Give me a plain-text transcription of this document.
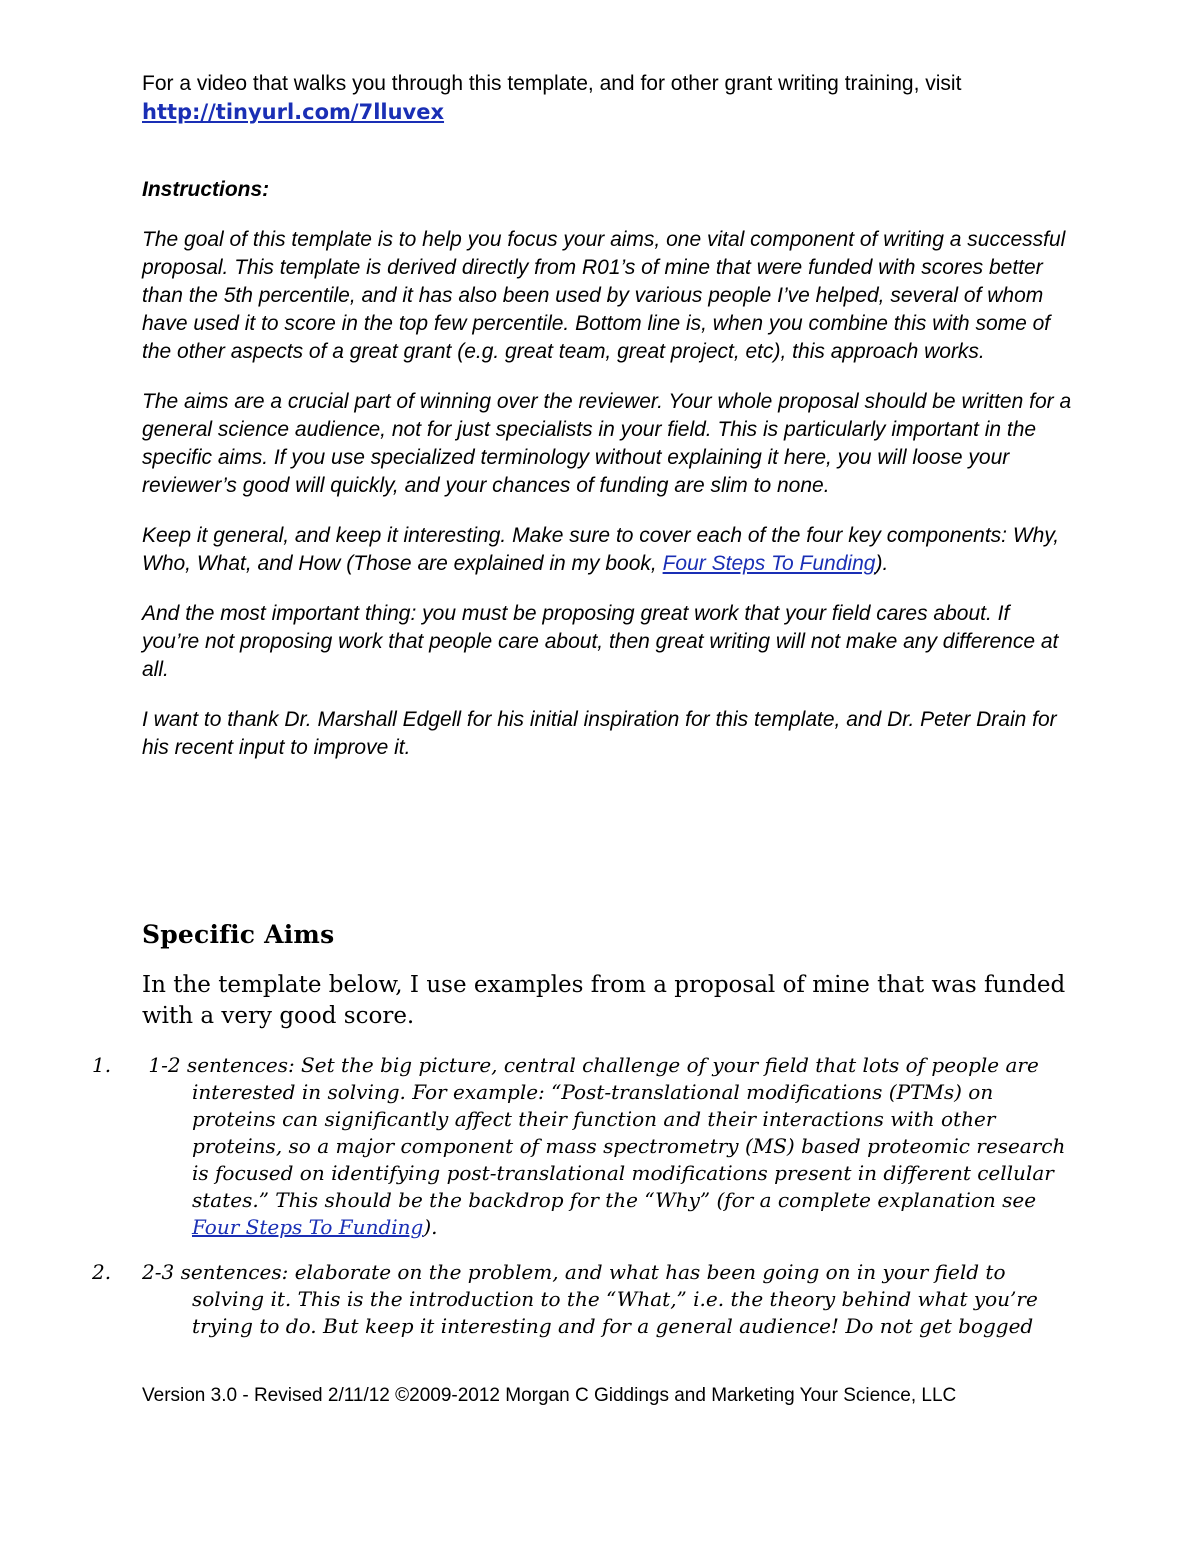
For a video that walks you through this template, and for other grant writing training, visit http://tinyurl.com/7lluvex
Instructions:

The goal of this template is to help you focus your aims, one vital component of writing a successful proposal. This template is derived directly from R01’s of mine that were funded with scores better than the 5th percentile, and it has also been used by various people I’ve helped, several of whom have used it to score in the top few percentile. Bottom line is, when you combine this with some of the other aspects of a great grant (e.g. great team, great project, etc), this approach works.

The aims are a crucial part of winning over the reviewer. Your whole proposal should be written for a general science audience, not for just specialists in your field. This is particularly important in the specific aims. If you use specialized terminology without explaining it here, you will loose your reviewer’s good will quickly, and your chances of funding are slim to none.

Keep it general, and keep it interesting. Make sure to cover each of the four key components: Why, Who, What, and How (Those are explained in my book, Four Steps To Funding).

And the most important thing: you must be proposing great work that your field cares about. If you’re not proposing work that people care about, then great writing will not make any difference at all.

I want to thank Dr. Marshall Edgell for his initial inspiration for this template, and Dr. Peter Drain for his recent input to improve it.

Specific Aims

In the template below, I use examples from a proposal of mine that was funded with a very good score.

1. 1-2 sentences: Set the big picture, central challenge of your field that lots of people are interested in solving. For example: “Post-translational modifications (PTMs) on proteins can significantly affect their function and their interactions with other proteins, so a major component of mass spectrometry (MS) based proteomic research is focused on identifying post-translational modifications present in different cellular states.” This should be the backdrop for the “Why” (for a complete explanation see Four Steps To Funding).
2. 2-3 sentences: elaborate on the problem, and what has been going on in your field to solving it. This is the introduction to the “What,” i.e. the theory behind what you’re trying to do. But keep it interesting and for a general audience! Do not get bogged
Version 3.0 - Revised 2/11/12 ©2009-2012 Morgan C Giddings and Marketing Your Science, LLC
